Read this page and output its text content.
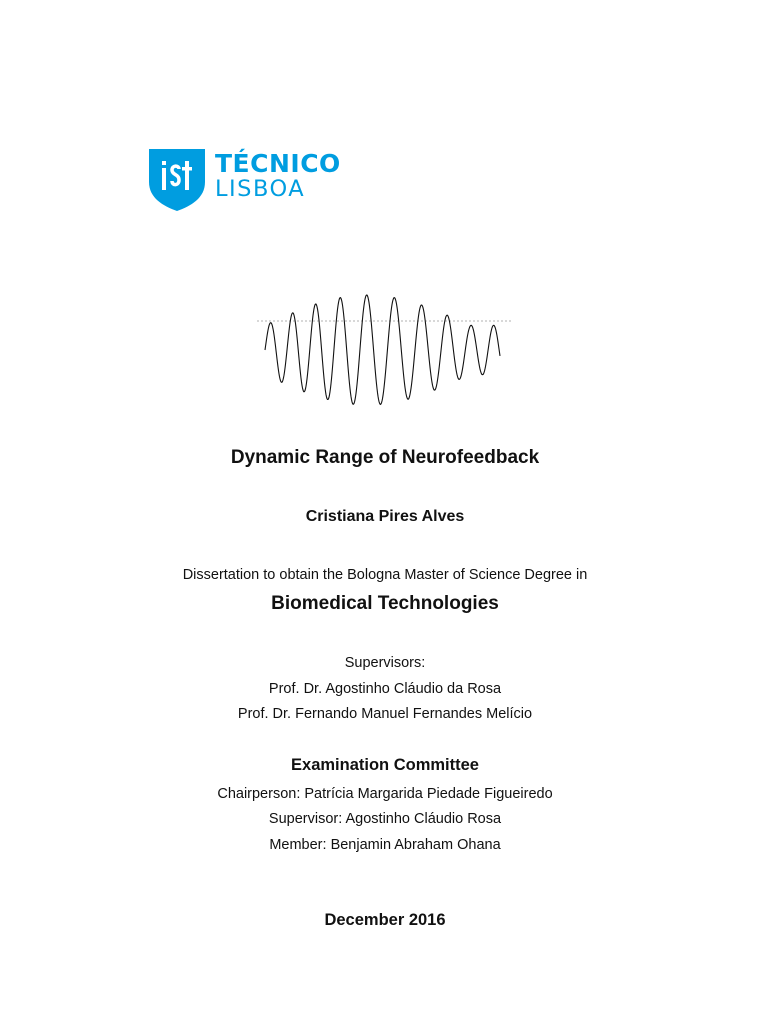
TÉCNICO
LISBOA
Dynamic Range of Neurofeedback
Cristiana Pires Alves
Dissertation to obtain the Bologna Master of Science Degree in
Biomedical Technologies
Supervisors:
Prof. Dr. Agostinho Cláudio da Rosa
Prof. Dr. Fernando Manuel Fernandes Melício
Examination Committee
Chairperson: Patrícia Margarida Piedade Figueiredo
Supervisor: Agostinho Cláudio Rosa
Member: Benjamin Abraham Ohana
December 2016
